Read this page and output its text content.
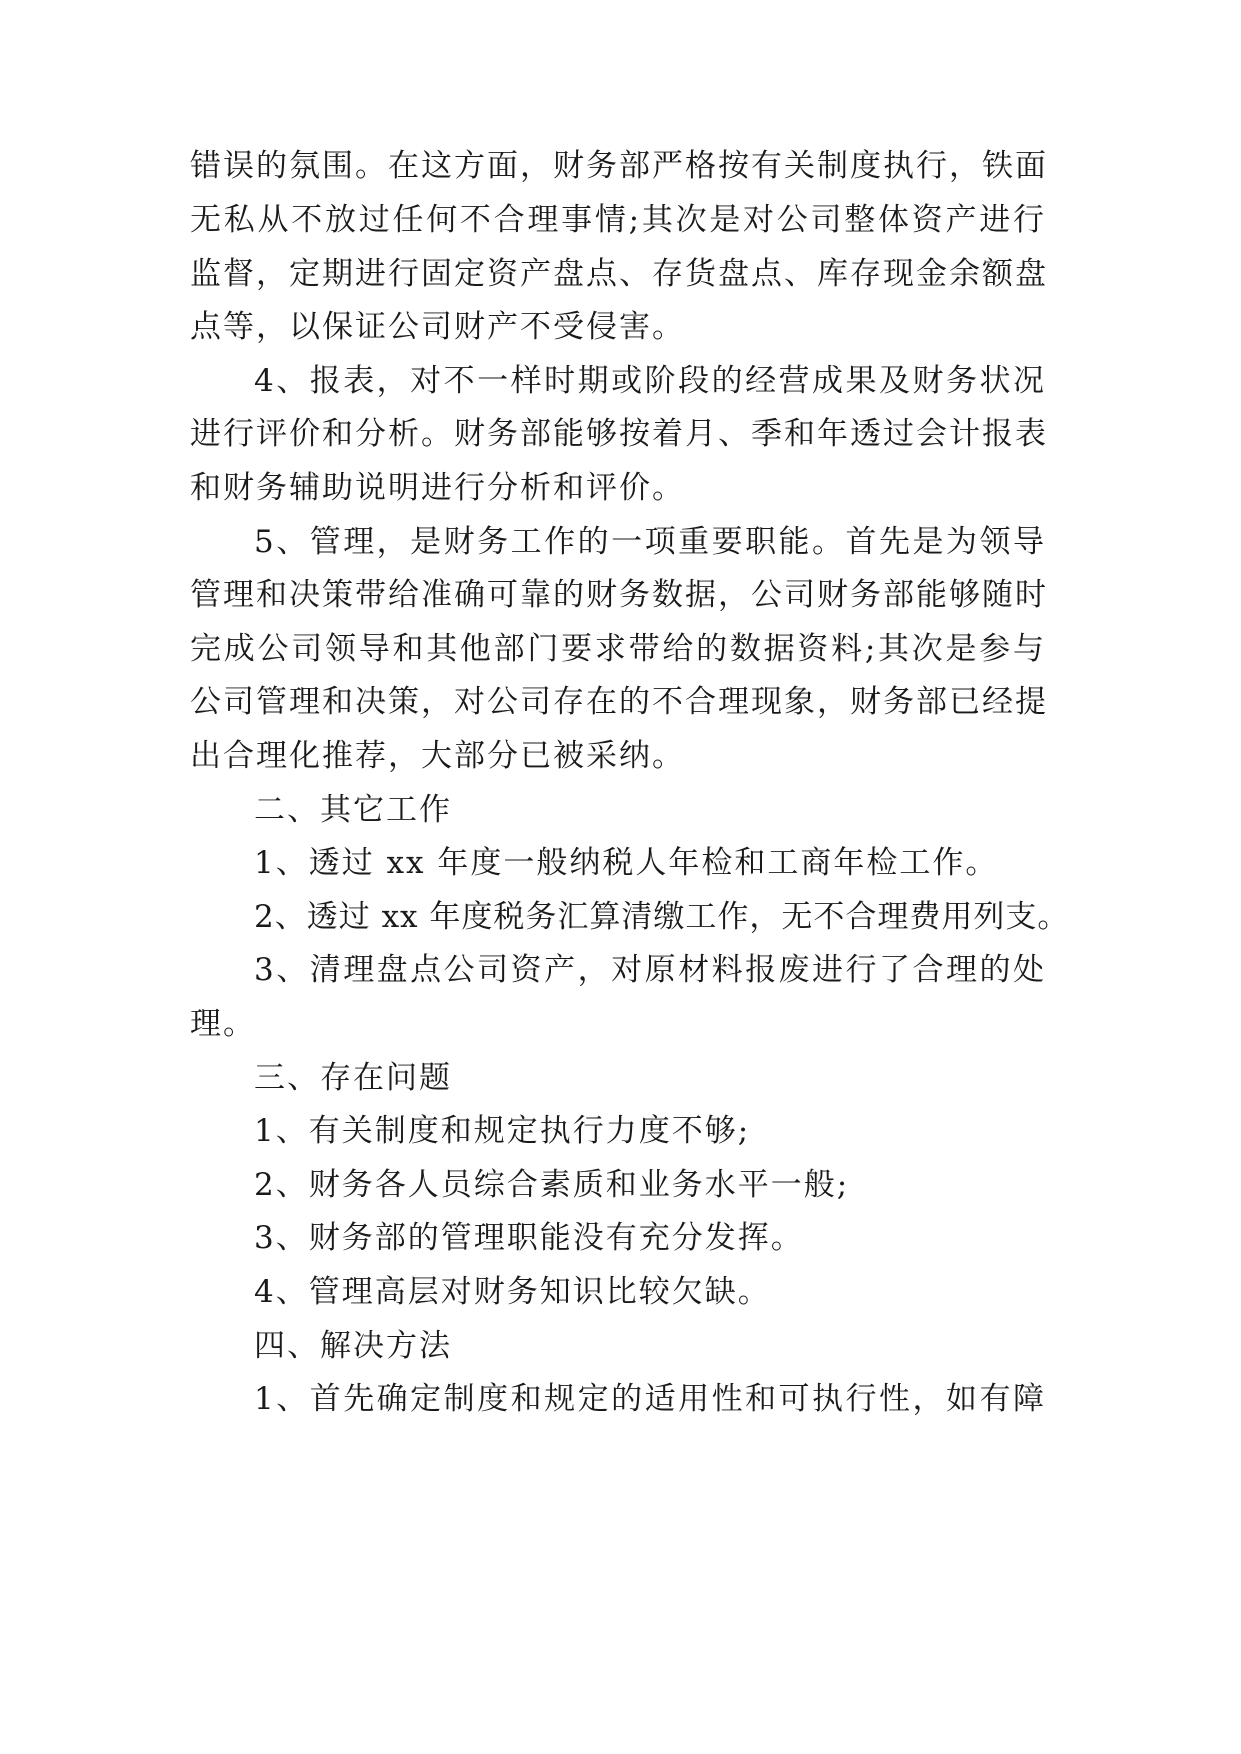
错误的氛围。在这方面，财务部严格按有关制度执行，铁面
无私从不放过任何不合理事情;其次是对公司整体资产进行
监督，定期进行固定资产盘点、存货盘点、库存现金余额盘
点等，以保证公司财产不受侵害。
4、报表，对不一样时期或阶段的经营成果及财务状况
进行评价和分析。财务部能够按着月、季和年透过会计报表
和财务辅助说明进行分析和评价。
5、管理，是财务工作的一项重要职能。首先是为领导
管理和决策带给准确可靠的财务数据，公司财务部能够随时
完成公司领导和其他部门要求带给的数据资料;其次是参与
公司管理和决策，对公司存在的不合理现象，财务部已经提
出合理化推荐，大部分已被采纳。
二、其它工作
1、透过 xx 年度一般纳税人年检和工商年检工作。
2、透过 xx 年度税务汇算清缴工作，无不合理费用列支。
3、清理盘点公司资产，对原材料报废进行了合理的处
理。
三、存在问题
1、有关制度和规定执行力度不够;
2、财务各人员综合素质和业务水平一般;
3、财务部的管理职能没有充分发挥。
4、管理高层对财务知识比较欠缺。
四、解决方法
1、首先确定制度和规定的适用性和可执行性，如有障
